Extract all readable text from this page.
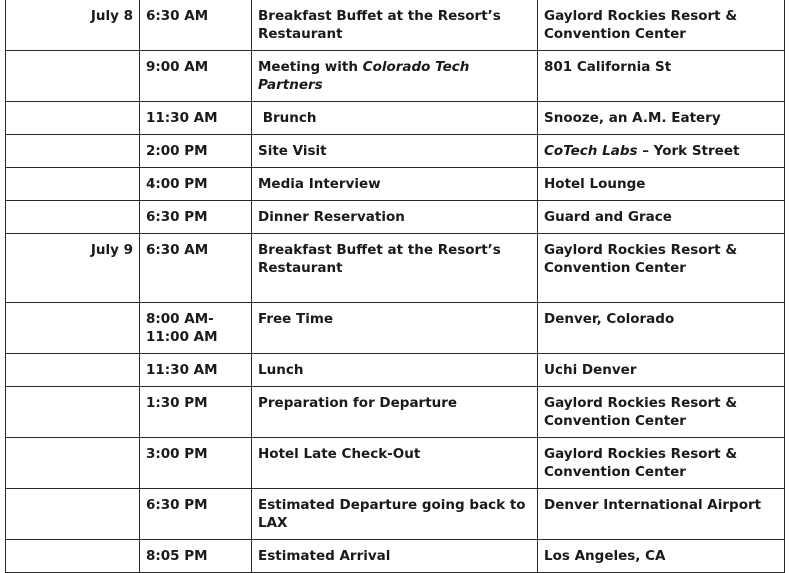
July 8	6:30 AM	Breakfast Buffet at the Resort’s Restaurant	Gaylord Rockies Resort & Convention Center
	9:00 AM	Meeting with Colorado Tech Partners	801 California St
	11:30 AM	Brunch	Snooze, an A.M. Eatery
	2:00 PM	Site Visit	CoTech Labs – York Street
	4:00 PM	Media Interview	Hotel Lounge
	6:30 PM	Dinner Reservation	Guard and Grace
July 9	6:30 AM	Breakfast Buffet at the Resort’s Restaurant	Gaylord Rockies Resort & Convention Center
	8:00 AM-11:00 AM	Free Time	Denver, Colorado
	11:30 AM	Lunch	Uchi Denver
	1:30 PM	Preparation for Departure	Gaylord Rockies Resort & Convention Center
	3:00 PM	Hotel Late Check-Out	Gaylord Rockies Resort & Convention Center
	6:30 PM	Estimated Departure going back to LAX	Denver International Airport
	8:05 PM	Estimated Arrival	Los Angeles, CA
